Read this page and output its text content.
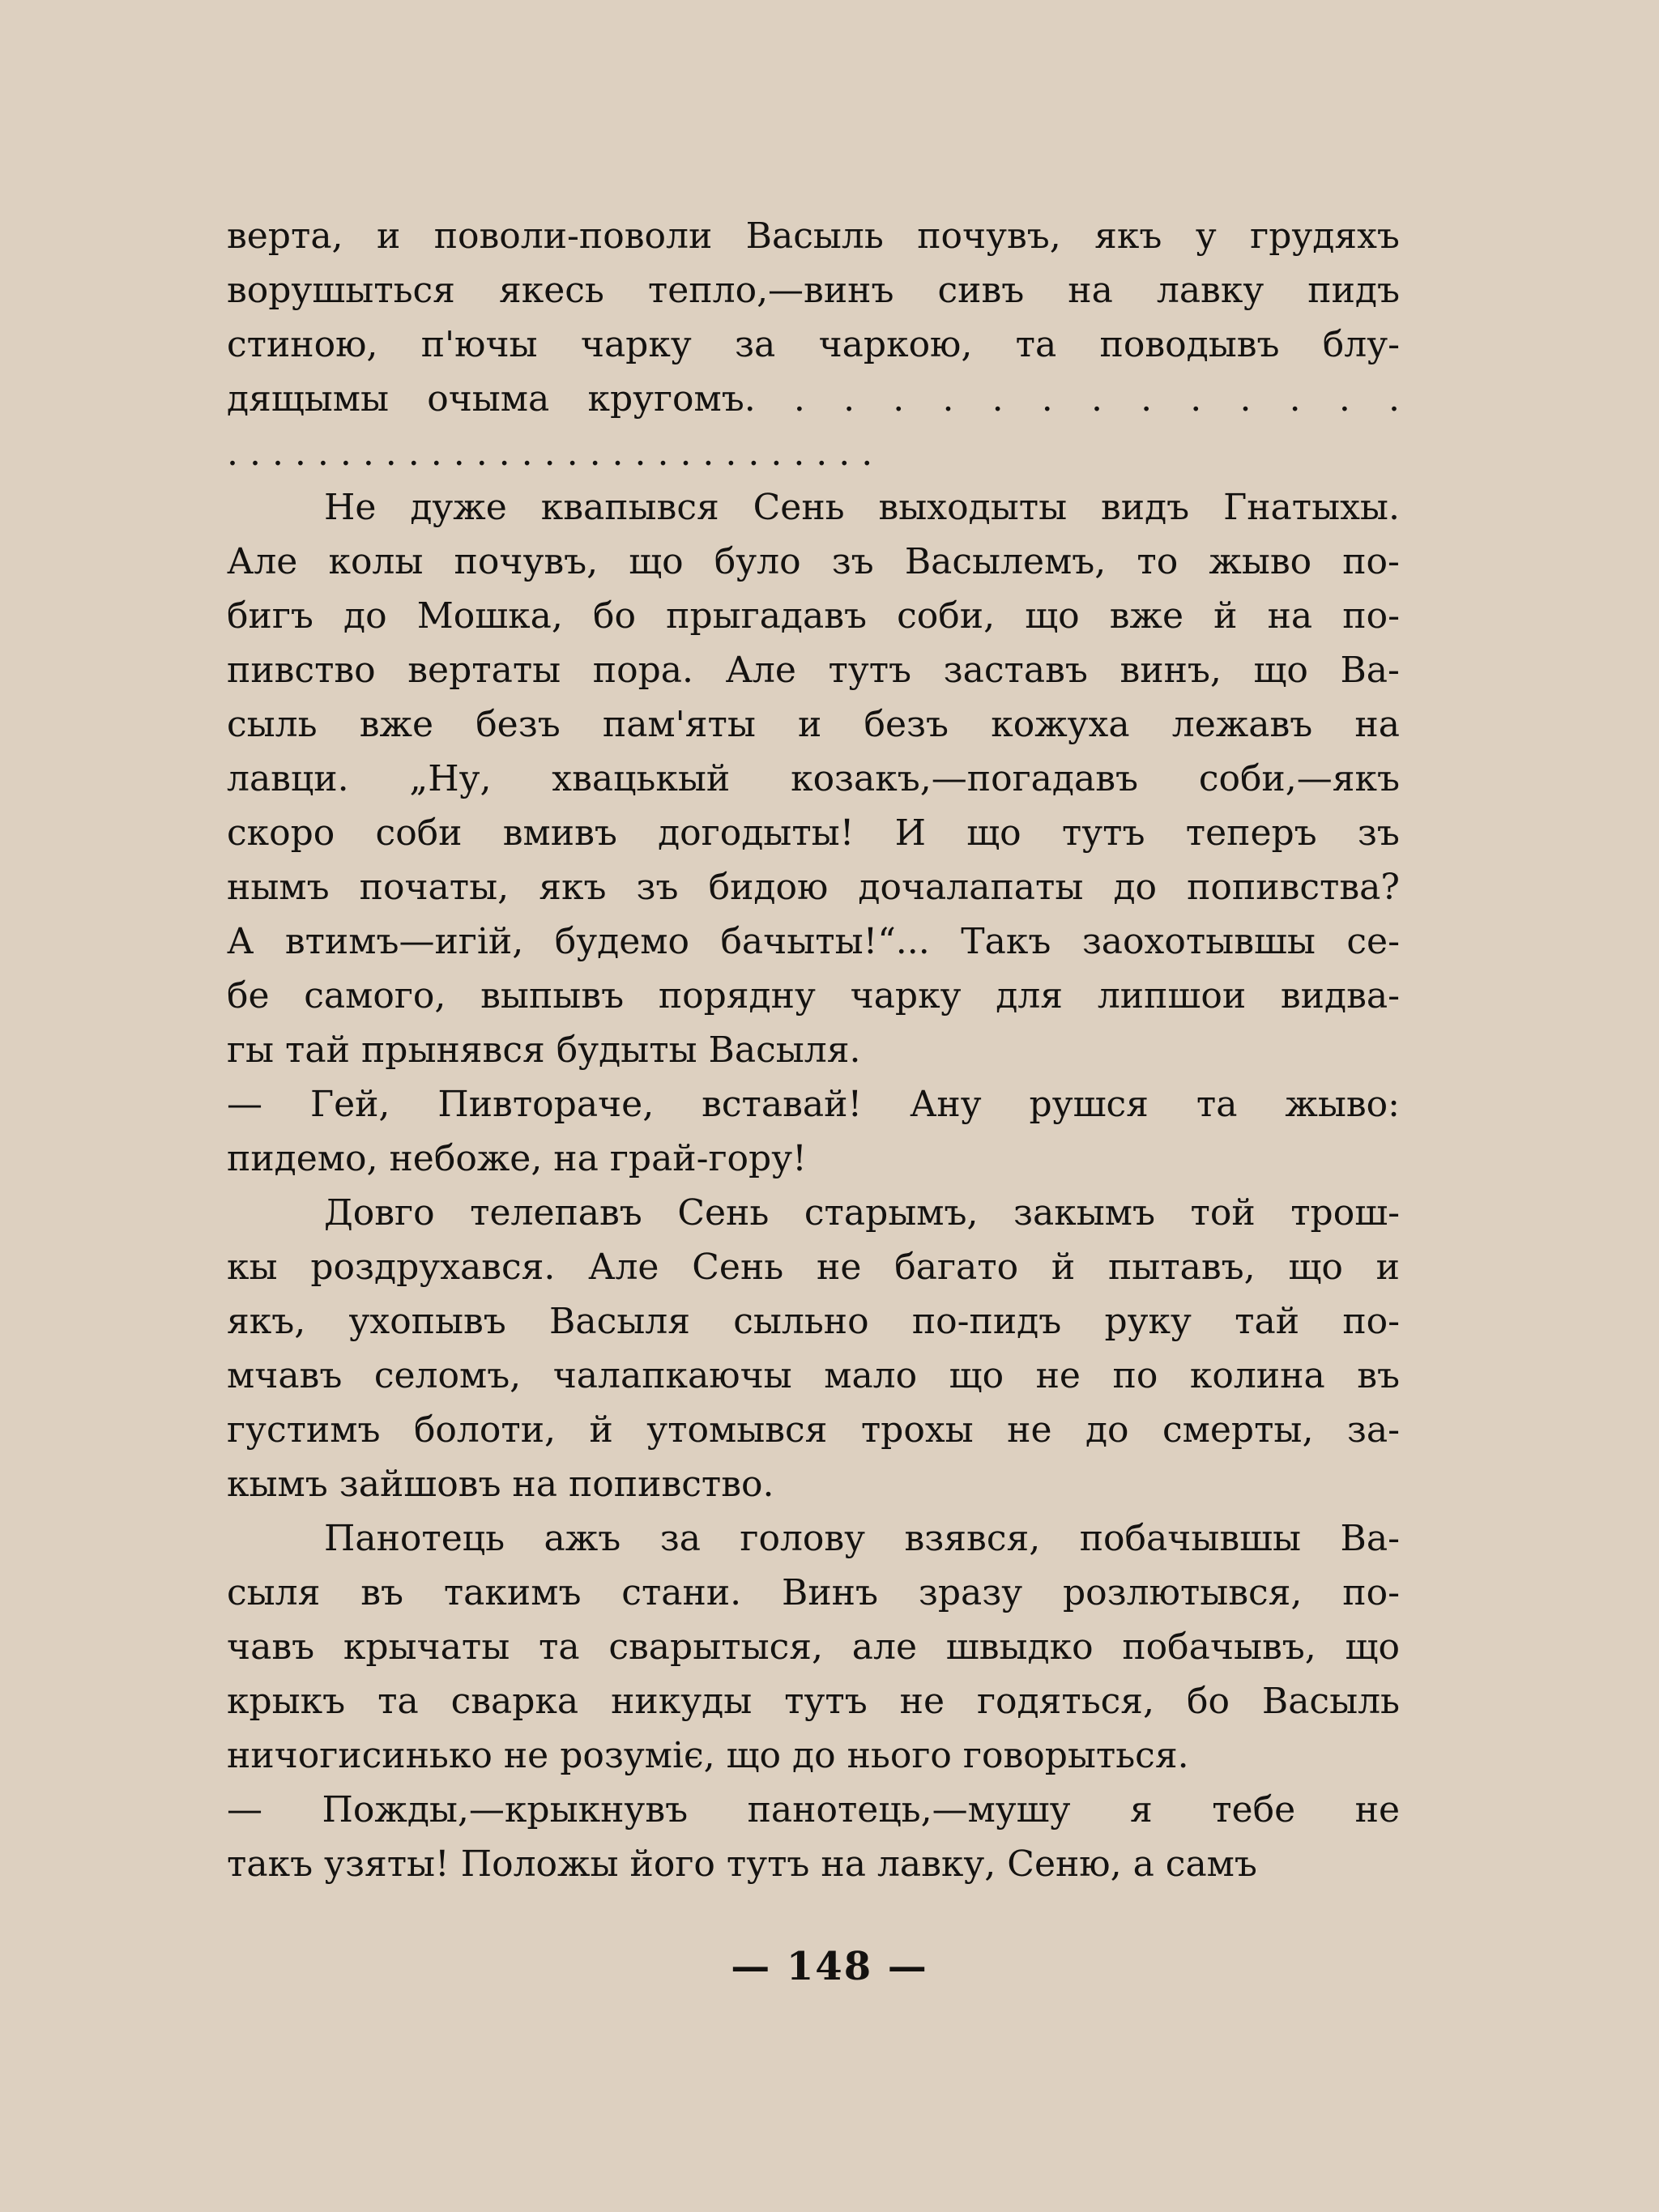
верта, и поволи-поволи Васыль почувъ, якъ у грудяхъ
ворушыться якесь тепло,—винъ сивъ на лавку пидъ
стиною, п'ючы чарку за чаркою, та поводывъ блу-
дящымы очыма кругомъ. . . . . . . . . . . . . .
. . . . . . . . . . . . . . . . . . . . . . . . . . . . .
Не дуже квапывся Сень выходыты видъ Гнатыхы.
Але колы почувъ, що було зъ Васылемъ, то жыво по-
бигъ до Мошка, бо прыгадавъ соби, що вже й на по-
пивство вертаты пора. Але тутъ заставъ винъ, що Ва-
сыль вже безъ пам'яты и безъ кожуха лежавъ на
лавци. „Ну, хвацькый козакъ,—погадавъ соби,—якъ
скоро соби вмивъ догодыты! И що тутъ теперъ зъ
нымъ початы, якъ зъ бидою дочалапаты до попивства?
А втимъ—игій, будемо бачыты!“... Такъ заохотывшы се-
бе самого, выпывъ порядну чарку для липшои видва-
гы тай прынявся будыты Васыля.
— Гей, Пивтораче, вставай! Ану рушся та жыво:
пидемо, небоже, на грай-гору!
Довго телепавъ Сень старымъ, закымъ той трош-
кы роздрухався. Але Сень не багато й пытавъ, що и
якъ, ухопывъ Васыля сыльно по-пидъ руку тай по-
мчавъ селомъ, чалапкаючы мало що не по колина въ
густимъ болоти, й утомывся трохы не до смерты, за-
кымъ зайшовъ на попивство.
Панотець ажъ за голову взявся, побачывшы Ва-
сыля въ такимъ стани. Винъ зразу розлютывся, по-
чавъ крычаты та сварытыся, але швыдко побачывъ, що
крыкъ та сварка никуды тутъ не годяться, бо Васыль
ничогисинько не розуміє, що до нього говорыться.
— Пожды,—крыкнувъ панотець,—мушу я тебе не
такъ узяты! Положы його тутъ на лавку, Сеню, а самъ
— 148 —
